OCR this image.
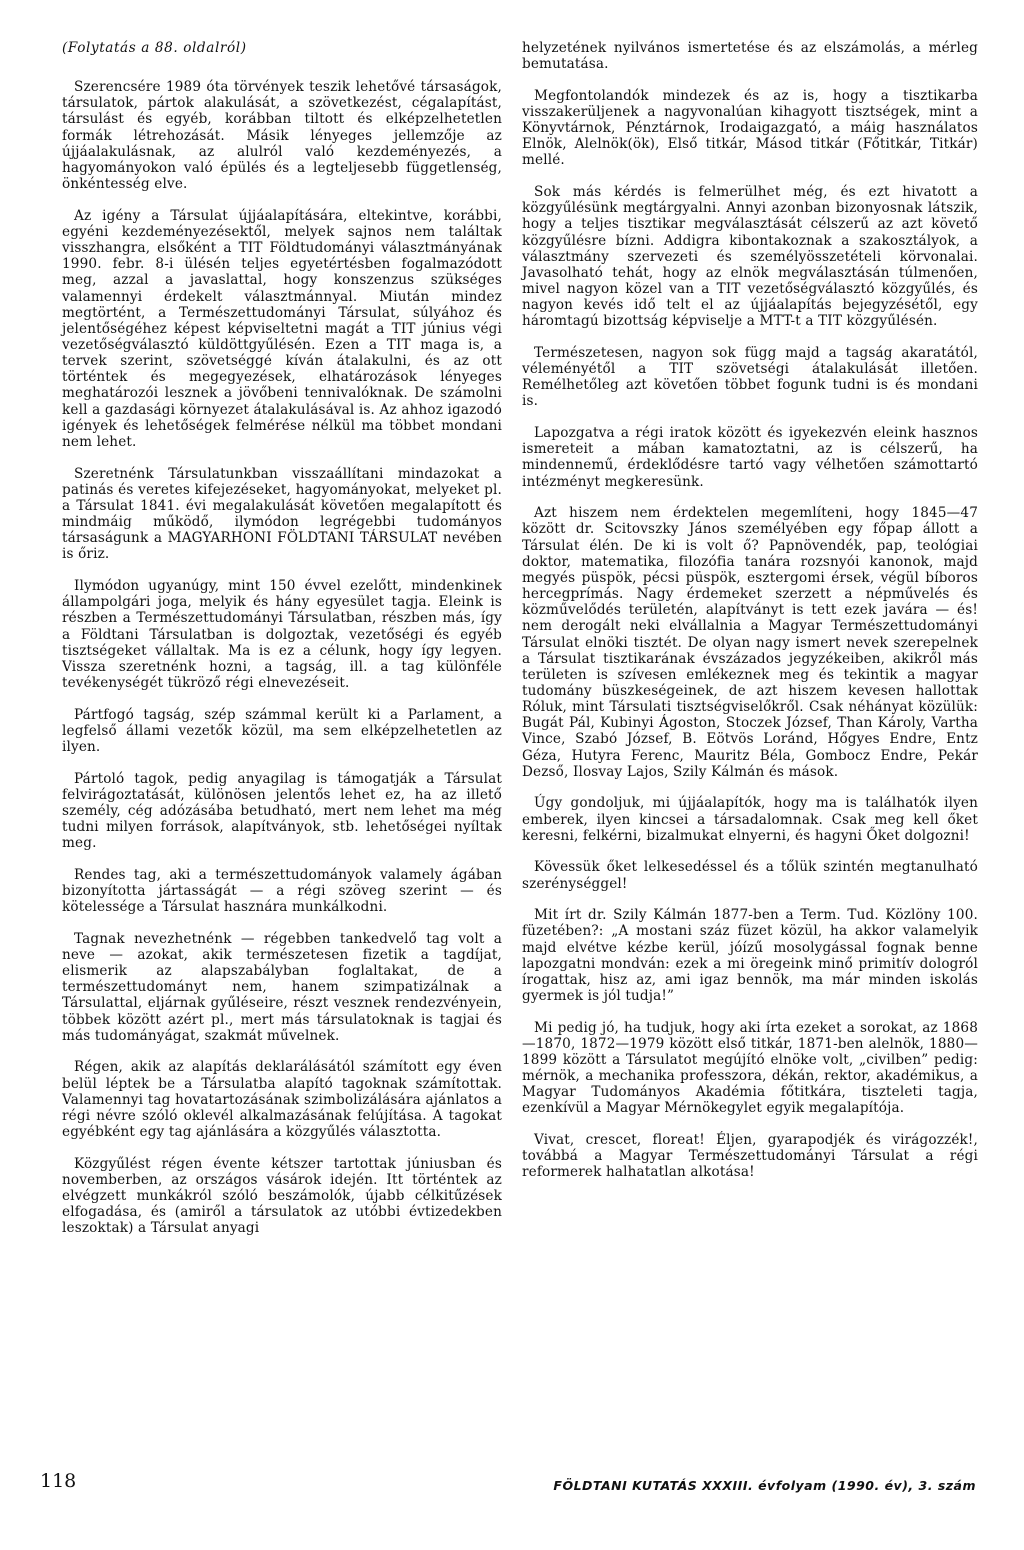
(Folytatás a 88. oldalról)

Szerencsére 1989 óta törvények teszik lehetővé társaságok, társulatok, pártok alakulását, a szövetkezést, cégalapítást, társulást és egyéb, korábban tiltott és elképzelhetetlen formák létrehozását. Másik lényeges jellemzője az újjáalakulásnak, az alulról való kezdeményezés, a hagyományokon való épülés és a legteljesebb függetlenség, önkéntesség elve.

Az igény a Társulat újjáalapítására, eltekintve, korábbi, egyéni kezdeményezésektől, melyek sajnos nem találtak visszhangra, elsőként a TIT Földtudományi választmányának 1990. febr. 8-i ülésén teljes egyetértésben fogalmazódott meg, azzal a javaslattal, hogy konszenzus szükséges valamennyi érdekelt választmánnyal. Miután mindez megtörtént, a Természettudományi Társulat, súlyához és jelentőségéhez képest képviseltetni magát a TIT június végi vezetőségválasztó küldöttgyűlésén. Ezen a TIT maga is, a tervek szerint, szövetséggé kíván átalakulni, és az ott történtek és megegyezések, elhatározások lényeges meghatározói lesznek a jövőbeni tennivalóknak. De számolni kell a gazdasági környezet átalakulásával is. Az ahhoz igazodó igények és lehetőségek felmérése nélkül ma többet mondani nem lehet.

Szeretnénk Társulatunkban visszaállítani mindazokat a patinás és veretes kifejezéseket, hagyományokat, melyeket pl. a Társulat 1841. évi megalakulását követően megalapított és mindmáig működő, ilymódon legrégebbi tudományos társaságunk a MAGYARHONI FÖLDTANI TÁRSULAT nevében is őriz.

Ilymódon ugyanúgy, mint 150 évvel ezelőtt, mindenkinek állampolgári joga, melyik és hány egyesület tagja. Eleink is részben a Természettudományi Társulatban, részben más, így a Földtani Társulatban is dolgoztak, vezetőségi és egyéb tisztségeket vállaltak. Ma is ez a célunk, hogy így legyen. Vissza szeretnénk hozni, a tagság, ill. a tag különféle tevékenységét tükröző régi elnevezéseit.

Pártfogó tagság, szép számmal került ki a Parlament, a legfelső állami vezetők közül, ma sem elképzelhetetlen az ilyen.

Pártoló tagok, pedig anyagilag is támogatják a Társulat felvirágoztatását, különösen jelentős lehet ez, ha az illető személy, cég adózásába betudható, mert nem lehet ma még tudni milyen források, alapítványok, stb. lehetőségei nyíltak meg.

Rendes tag, aki a természettudományok valamely ágában bizonyította jártasságát — a régi szöveg szerint — és kötelessége a Társulat hasznára munkálkodni.

Tagnak nevezhetnénk — régebben tankedvelő tag volt a neve — azokat, akik természetesen fizetik a tagdíjat, elismerik az alapszabályban foglaltakat, de a természettudományt nem, hanem szimpatizálnak a Társulattal, eljárnak gyűléseire, részt vesznek rendezvényein, többek között azért pl., mert más társulatoknak is tagjai és más tudományágat, szakmát művelnek.

Régen, akik az alapítás deklarálásától számított egy éven belül léptek be a Társulatba alapító tagoknak számítottak. Valamennyi tag hovatartozásának szimbolizálására ajánlatos a régi névre szóló oklevél alkalmazásának felújítása. A tagokat egyébként egy tag ajánlására a közgyűlés választotta.

Közgyűlést régen évente kétszer tartottak júniusban és novemberben, az országos vásárok idején. Itt történtek az elvégzett munkákról szóló beszámolók, újabb célkitűzések elfogadása, és (amiről a társulatok az utóbbi évtizedekben leszoktak) a Társulat anyagi

helyzetének nyilvános ismertetése és az elszámolás, a mérleg bemutatása.

Megfontolandók mindezek és az is, hogy a tisztikarba visszakerüljenek a nagyvonalúan kihagyott tisztségek, mint a Könyvtárnok, Pénztárnok, Irodaigazgató, a máig használatos Elnök, Alelnök(ök), Első titkár, Másod titkár (Főtitkár, Titkár) mellé.

Sok más kérdés is felmerülhet még, és ezt hivatott a közgyűlésünk megtárgyalni. Annyi azonban bizonyosnak látszik, hogy a teljes tisztikar megválasztását célszerű az azt követő közgyűlésre bízni. Addigra kibontakoznak a szakosztályok, a választmány szervezeti és személyösszetételi körvonalai. Javasolható tehát, hogy az elnök megválasztásán túlmenően, mivel nagyon közel van a TIT vezetőségválasztó közgyűlés, és nagyon kevés idő telt el az újjáalapítás bejegyzésétől, egy háromtagú bizottság képviselje a MTT-t a TIT közgyűlésén.

Természetesen, nagyon sok függ majd a tagság akaratától, véleményétől a TIT szövetségi átalakulását illetően. Remélhetőleg azt követően többet fogunk tudni is és mondani is.

Lapozgatva a régi iratok között és igyekezvén eleink hasznos ismereteit a mában kamatoztatni, az is célszerű, ha mindennemű, érdeklődésre tartó vagy vélhetően számottartó intézményt megkeresünk.

Azt hiszem nem érdektelen megemlíteni, hogy 1845—47 között dr. Scitovszky János személyében egy főpap állott a Társulat élén. De ki is volt ő? Papnövendék, pap, teológiai doktor, matematika, filozófia tanára rozsnyói kanonok, majd megyés püspök, pécsi püspök, esztergomi érsek, végül bíboros hercegprímás. Nagy érdemeket szerzett a népművelés és közművelődés területén, alapítványt is tett ezek javára — és! nem derogált neki elvállalnia a Magyar Természettudományi Társulat elnöki tisztét. De olyan nagy ismert nevek szerepelnek a Társulat tisztikarának évszázados jegyzékeiben, akikről más területen is szívesen emlékeznek meg és tekintik a magyar tudomány büszkeségeinek, de azt hiszem kevesen hallottak Róluk, mint Társulati tisztségviselőkről. Csak néhányat közülük: Bugát Pál, Kubinyi Ágoston, Stoczek József, Than Károly, Vartha Vince, Szabó József, B. Eötvös Loránd, Hőgyes Endre, Entz Géza, Hutyra Ferenc, Mauritz Béla, Gombocz Endre, Pekár Dezső, Ilosvay Lajos, Szily Kálmán és mások.

Úgy gondoljuk, mi újjáalapítók, hogy ma is találhatók ilyen emberek, ilyen kincsei a társadalomnak. Csak meg kell őket keresni, felkérni, bizalmukat elnyerni, és hagyni Őket dolgozni!

Kövessük őket lelkesedéssel és a tőlük szintén megtanulható szerénységgel!

Mit írt dr. Szily Kálmán 1877-ben a Term. Tud. Közlöny 100. füzetében?: „A mostani száz füzet közül, ha akkor valamelyik majd elvétve kézbe kerül, jóízű mosolygással fognak benne lapozgatni mondván: ezek a mi öregeink minő primitív dologról írogattak, hisz az, ami igaz bennök, ma már minden iskolás gyermek is jól tudja!”

Mi pedig jó, ha tudjuk, hogy aki írta ezeket a sorokat, az 1868—1870, 1872—1979 között első titkár, 1871-ben alelnök, 1880—1899 között a Társulatot megújító elnöke volt, „civilben” pedig: mérnök, a mechanika professzora, dékán, rektor, akadémikus, a Magyar Tudományos Akadémia főtitkára, tiszteleti tagja, ezenkívül a Magyar Mérnökegylet egyik megalapítója.

Vivat, crescet, floreat! Éljen, gyarapodjék és virágozzék!, továbbá a Magyar Természettudományi Társulat a régi reformerek halhatatlan alkotása!

118	FÖLDTANI KUTATÁS XXXIII. évfolyam (1990. év), 3. szám
